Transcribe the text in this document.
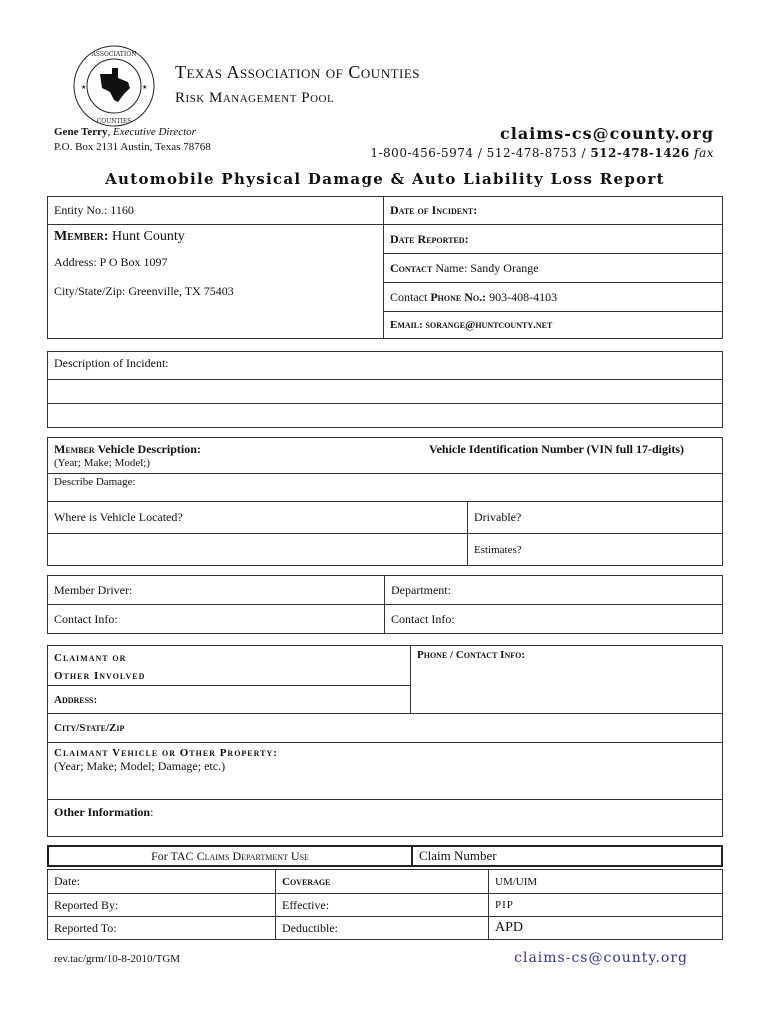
ASSOCIATION
COUNTIES
★	★
Texas Association of Counties
Risk Management Pool
Gene Terry, Executive Director
P.O. Box 2131 Austin, Texas 78768
claims-cs@county.org
1-800-456-5974 / 512-478-8753 / 512-478-1426 fax
Automobile Physical Damage & Auto Liability Loss Report
Entity No.: 1160	Date of Incident:

Member: Hunt County
Address: P O Box 1097
City/State/Zip: Greenville, TX 75403	Date Reported:
	Contact Name: Sandy Orange
	Contact Phone No.: 903-408-4103
	Email: sorange@huntcounty.net
Description of Incident:

Member Vehicle Description: Vehicle Identification Number (VIN full 17-digits)
(Year; Make; Model;)	

Describe Damage:	
Where is Vehicle Located?	Drivable?
	Estimates?
Member Driver:	Department:
Contact Info:	Contact Info:
Claimant or
Other Involved
	Phone / Contact Info:
Address:
City/State/Zip

Claimant Vehicle or Other Property:
(Year; Make; Model; Damage; etc.)

Other Information:
For TAC Claims Department Use	Claim Number
Date:	Coverage	UM/UIM
Reported By:	Effective:	PIP
Reported To:	Deductible:	APD
rev.tac/grm/10-8-2010/TGM	claims-cs@county.org
